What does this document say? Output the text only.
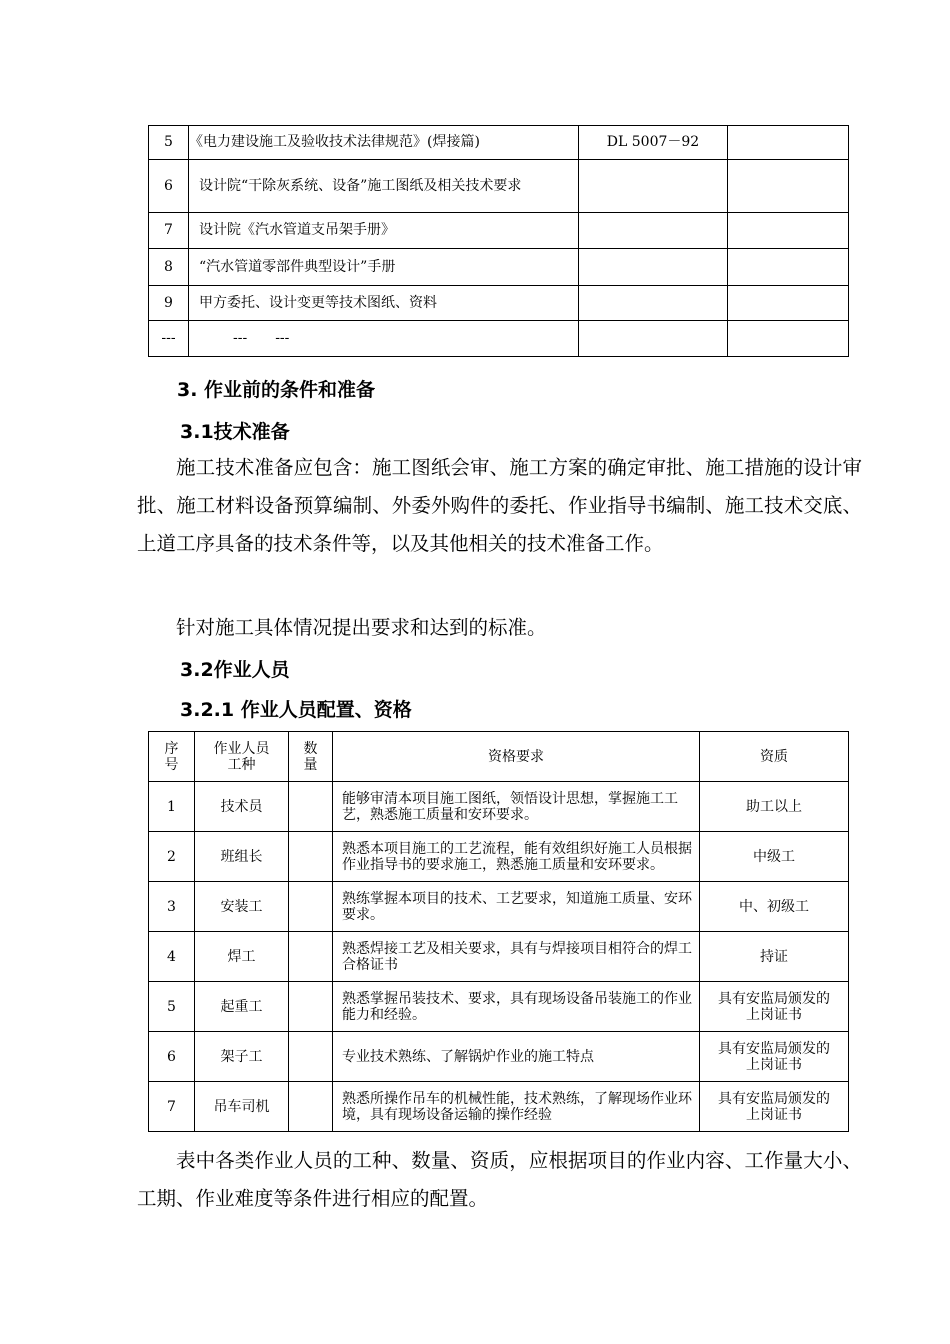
5	《电力建设施工及验收技术法律规范》(焊接篇)	DL 5007－92	
6	设计院“干除灰系统、设备”施工图纸及相关技术要求		
7	设计院《汽水管道支吊架手册》		
8	“汽水管道零部件典型设计”手册		
9	甲方委托、设计变更等技术图纸、资料		
---	---　　---		
3. 作业前的条件和准备
3.1技术准备
施工技术准备应包含：施工图纸会审、施工方案的确定审批、施工措施的设计审批、施工材料设备预算编制、外委外购件的委托、作业指导书编制、施工技术交底、上道工序具备的技术条件等，以及其他相关的技术准备工作。
针对施工具体情况提出要求和达到的标准。
3.2作业人员
3.2.1 作业人员配置、资格
序号	作业人员工种	数量	资格要求	资质
1	技术员		能够审清本项目施工图纸，领悟设计思想，掌握施工工艺，熟悉施工质量和安环要求。	助工以上
2	班组长		熟悉本项目施工的工艺流程，能有效组织好施工人员根据作业指导书的要求施工，熟悉施工质量和安环要求。	中级工
3	安装工		熟练掌握本项目的技术、工艺要求，知道施工质量、安环要求。	中、初级工
4	焊工		熟悉焊接工艺及相关要求，具有与焊接项目相符合的焊工合格证书	持证
5	起重工		熟悉掌握吊装技术、要求，具有现场设备吊装施工的作业能力和经验。	具有安监局颁发的上岗证书
6	架子工		专业技术熟练、了解锅炉作业的施工特点	具有安监局颁发的上岗证书
7	吊车司机		熟悉所操作吊车的机械性能，技术熟练，了解现场作业环境，具有现场设备运输的操作经验	具有安监局颁发的上岗证书
表中各类作业人员的工种、数量、资质，应根据项目的作业内容、工作量大小、工期、作业难度等条件进行相应的配置。
